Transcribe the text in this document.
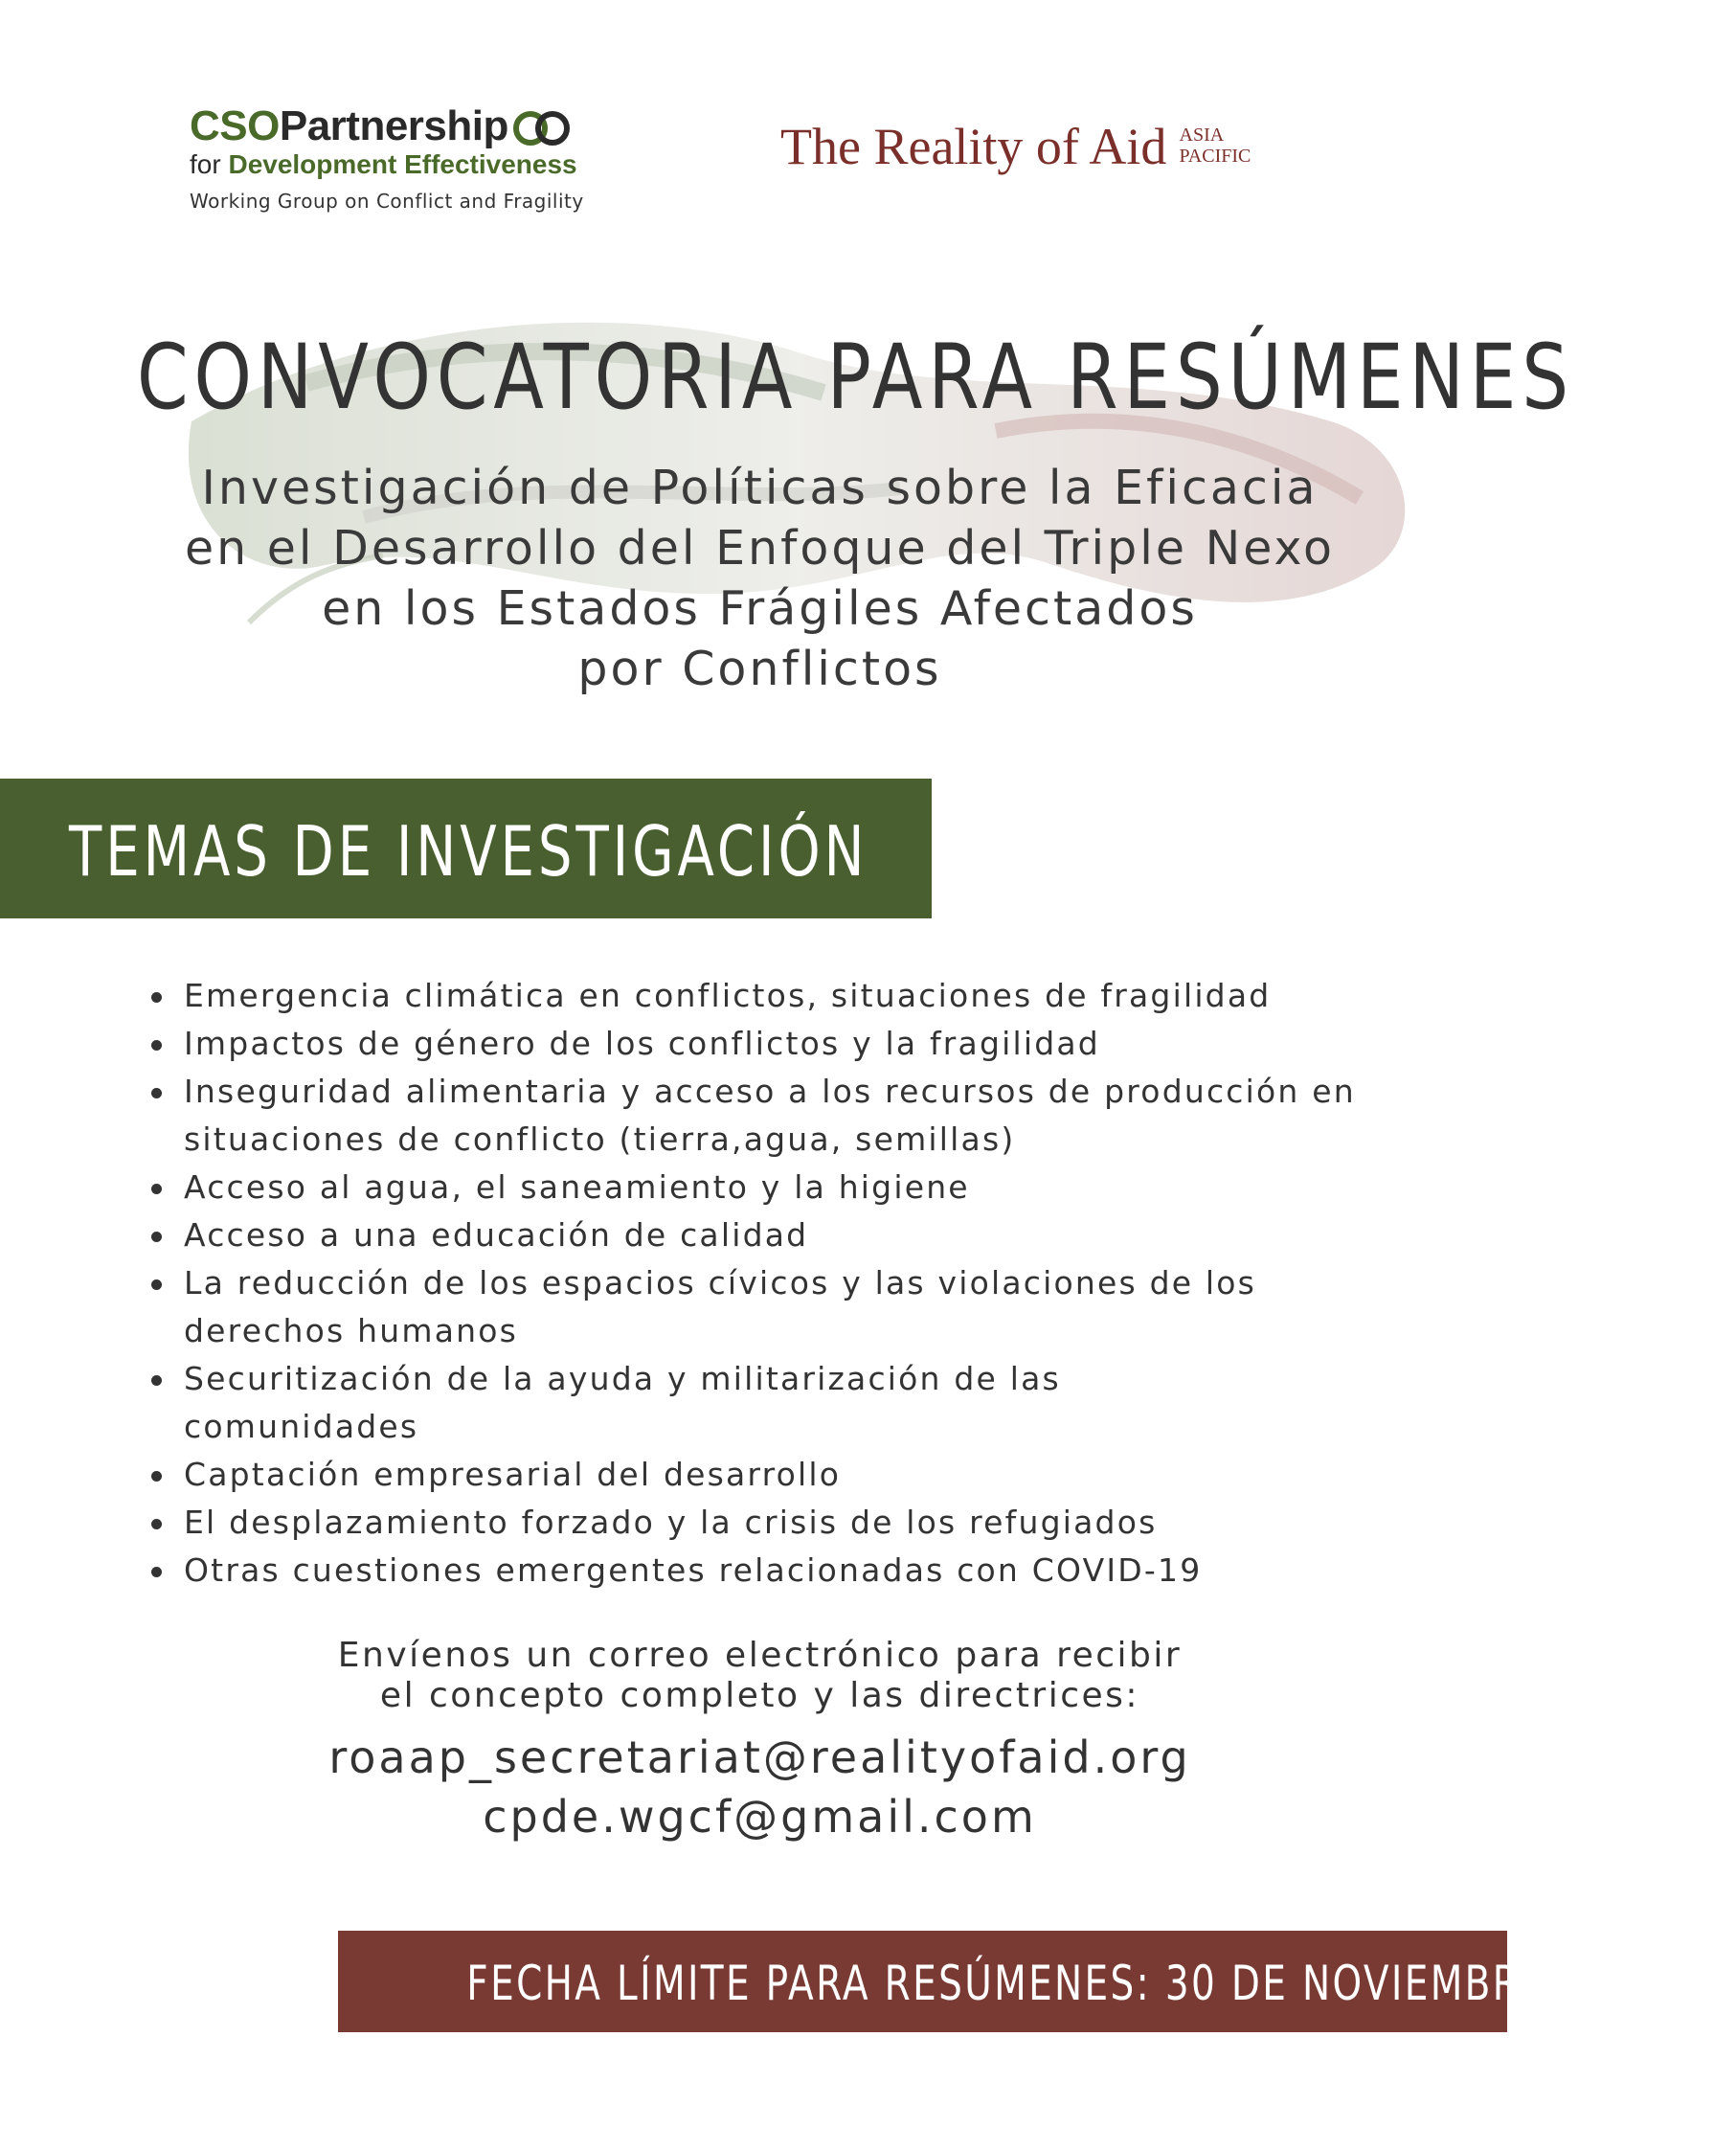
CSOPartnership
for Development Effectiveness
Working Group on Conflict and Fragility
The Reality of Aid ASIA
PACIFIC
CONVOCATORIA PARA RESÚMENES
Investigación de Políticas sobre la Eficacia
en el Desarrollo del Enfoque del Triple Nexo
en los Estados Frágiles Afectados
por Conflictos
TEMAS DE INVESTIGACIÓN
Emergencia climática en conflictos, situaciones de fragilidad
Impactos de género de los conflictos y la fragilidad
Inseguridad alimentaria y acceso a los recursos de producción en situaciones de conflicto (tierra,agua, semillas)
Acceso al agua, el saneamiento y la higiene
Acceso a una educación de calidad
La reducción de los espacios cívicos y las violaciones de los derechos humanos
Securitización de la ayuda y militarización de las comunidades
Captación empresarial del desarrollo
El desplazamiento forzado y la crisis de los refugiados
Otras cuestiones emergentes relacionadas con COVID-19
Envíenos un correo electrónico para recibir
el concepto completo y las directrices:
roaap_secretariat@realityofaid.org
cpde.wgcf@gmail.com
FECHA LÍMITE PARA RESÚMENES: 30 DE NOVIEMBRE DE 2020
